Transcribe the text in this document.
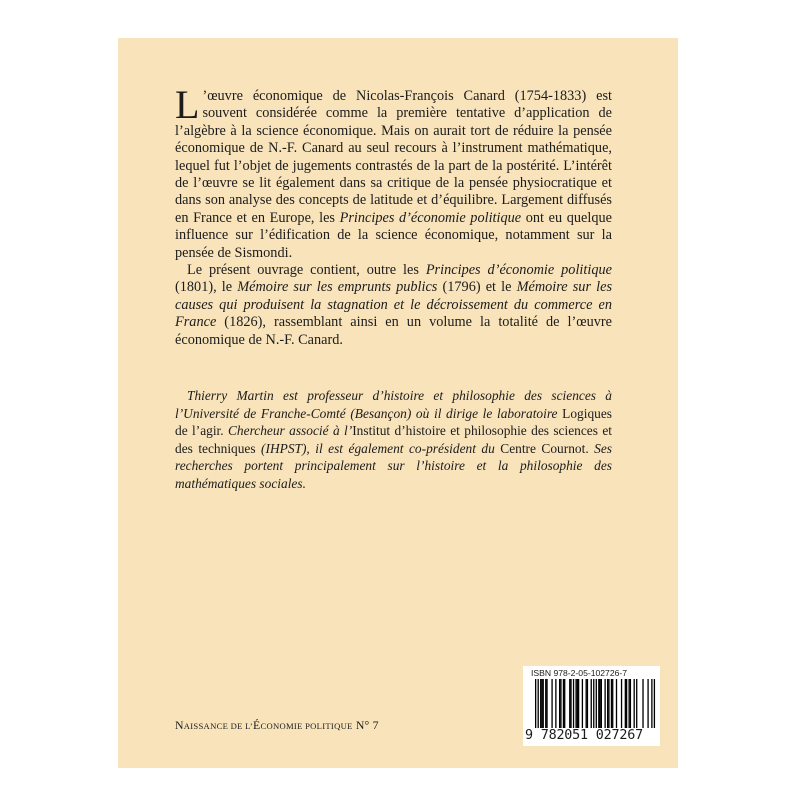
L ’œuvre économique de Nicolas-François Canard (1754-1833) est souvent considérée comme la première tentative d’application de l’algèbre à la science économique. Mais on aurait tort de réduire la pensée économique de N.-F. Canard au seul recours à l’instrument mathématique, lequel fut l’objet de jugements contrastés de la part de la postérité. L’intérêt de l’œuvre se lit également dans sa critique de la pensée physiocratique et dans son analyse des concepts de latitude et d’équilibre. Largement diffusés en France et en Europe, les Principes d’économie politique ont eu quelque influence sur l’édification de la science économique, notamment sur la pensée de Sismondi.

Le présent ouvrage contient, outre les Principes d’économie politique (1801), le Mémoire sur les emprunts publics (1796) et le Mémoire sur les causes qui produisent la stagnation et le décroissement du commerce en France (1826), rassemblant ainsi en un volume la totalité de l’œuvre économique de N.-F. Canard.

Thierry Martin est professeur d’histoire et philosophie des sciences à l’Université de Franche-Comté (Besançon) où il dirige le laboratoire Logiques de l’agir. Chercheur associé à l’Institut d’histoire et philosophie des sciences et des techniques (IHPST), il est également co-président du Centre Cournot. Ses recherches portent principalement sur l’histoire et la philosophie des mathématiques sociales.

NAISSANCE DE L’ÉCONOMIE POLITIQUE N° 7
ISBN 978-2-05-102726-7
9 782051 027267
